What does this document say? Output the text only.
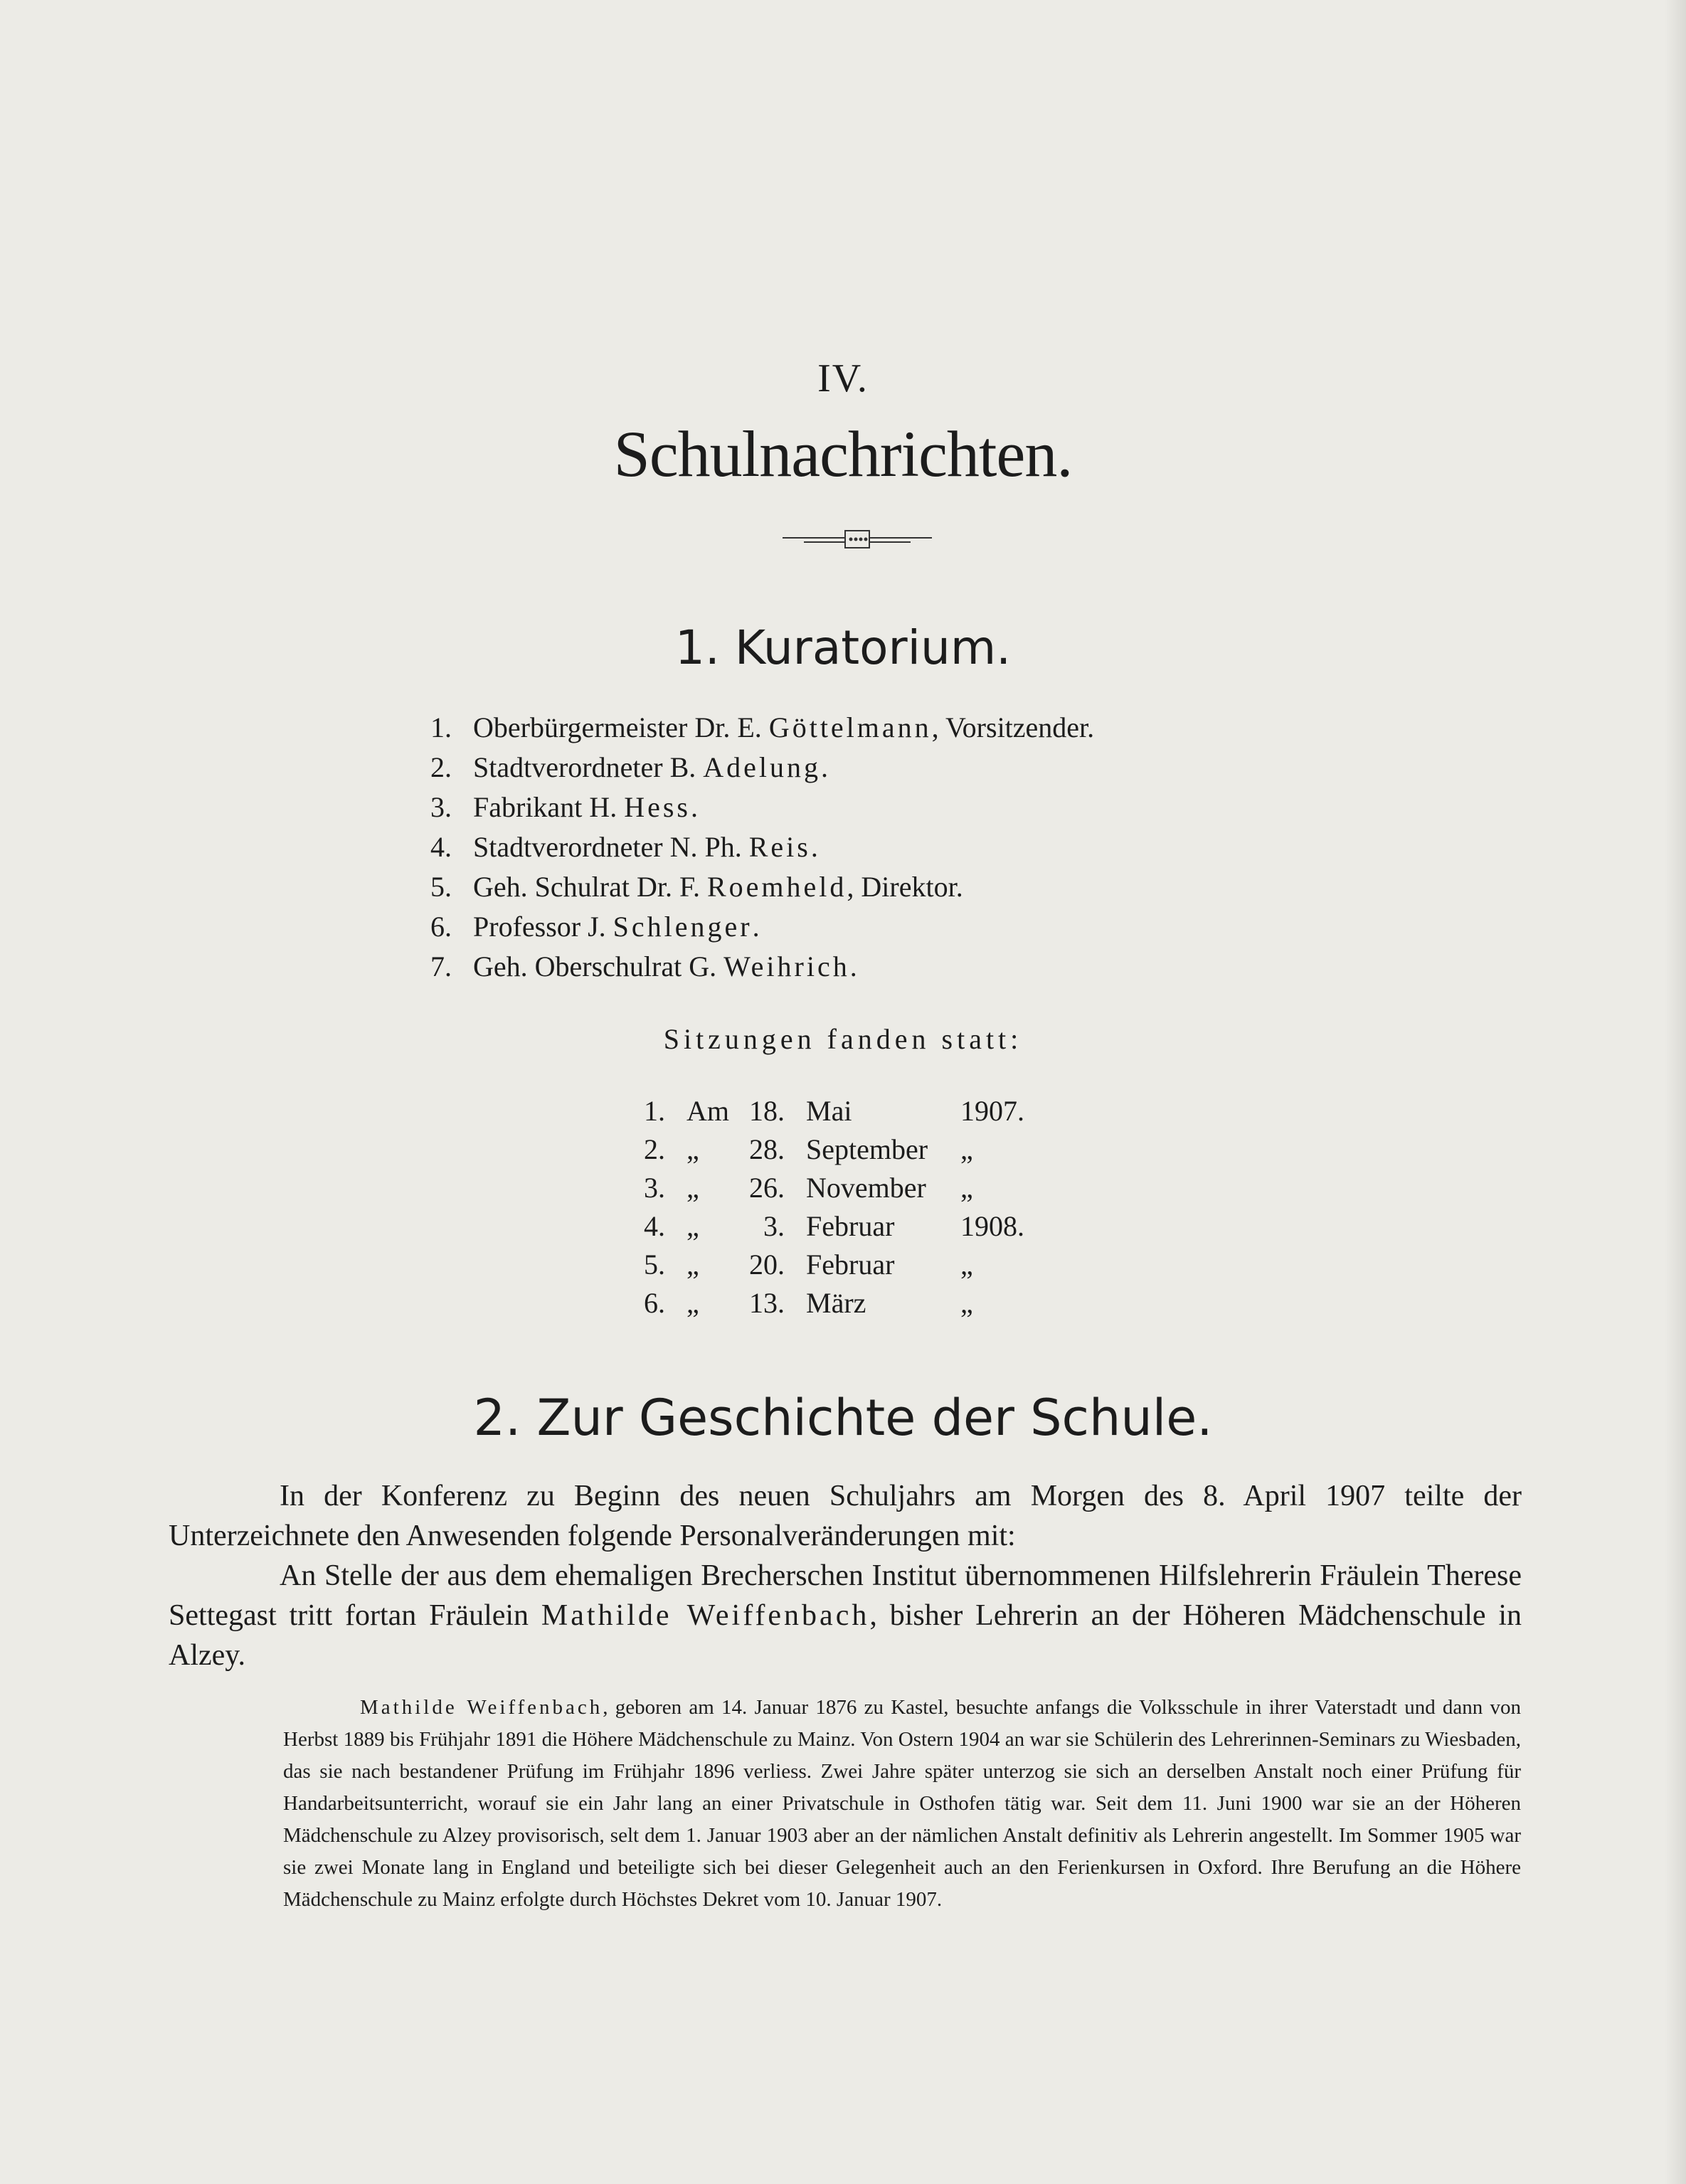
IV.
Schulnachrichten.
1. Kuratorium.
1. Oberbürgermeister Dr. E. Göttelmann, Vorsitzender.
2. Stadtverordneter B. Adelung.
3. Fabrikant H. Hess.
4. Stadtverordneter N. Ph. Reis.
5. Geh. Schulrat Dr. F. Roemheld, Direktor.
6. Professor J. Schlenger.
7. Geh. Oberschulrat G. Weihrich.
Sitzungen fanden statt:
1. Am 18. Mai	1907.
2. „	28. September „
3. „	26. November „
4. „	3. Februar 1908.
5. „	20. Februar „
6. „	13. März	„
2. Zur Geschichte der Schule.

In der Konferenz zu Beginn des neuen Schuljahrs am Morgen des 8. April 1907 teilte der Unterzeichnete den Anwesenden folgende Personalveränderungen mit:

An Stelle der aus dem ehemaligen Brecherschen Institut übernommenen Hilfslehrerin Fräulein Therese Settegast tritt fortan Fräulein Mathilde Weiffenbach, bisher Lehrerin an der Höheren Mädchenschule in Alzey.

Mathilde Weiffenbach, geboren am 14. Januar 1876 zu Kastel, besuchte anfangs die Volksschule in ihrer Vaterstadt und dann von Herbst 1889 bis Frühjahr 1891 die Höhere Mädchenschule zu Mainz. Von Ostern 1904 an war sie Schülerin des Lehrerinnen-Seminars zu Wiesbaden, das sie nach bestandener Prüfung im Frühjahr 1896 verliess. Zwei Jahre später unterzog sie sich an derselben Anstalt noch einer Prüfung für Handarbeitsunterricht, worauf sie ein Jahr lang an einer Privatschule in Osthofen tätig war. Seit dem 11. Juni 1900 war sie an der Höheren Mädchenschule zu Alzey provisorisch, selt dem 1. Januar 1903 aber an der nämlichen Anstalt definitiv als Lehrerin angestellt. Im Sommer 1905 war sie zwei Monate lang in England und beteiligte sich bei dieser Gelegenheit auch an den Ferienkursen in Oxford. Ihre Berufung an die Höhere Mädchenschule zu Mainz erfolgte durch Höchstes Dekret vom 10. Januar 1907.
